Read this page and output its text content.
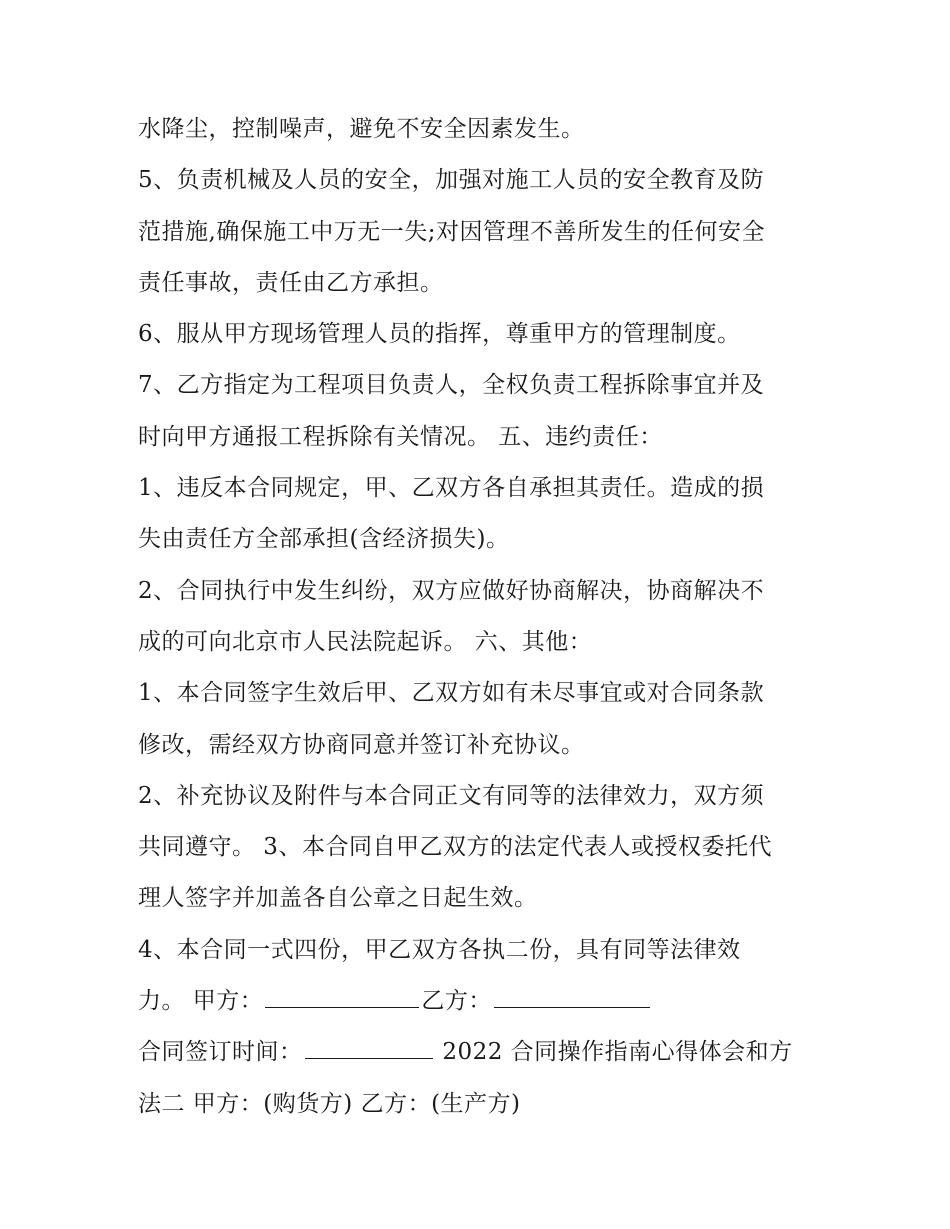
水降尘，控制噪声，避免不安全因素发生。
5、负责机械及人员的安全，加强对施工人员的安全教育及防
范措施,确保施工中万无一失;对因管理不善所发生的任何安全
责任事故，责任由乙方承担。
6、服从甲方现场管理人员的指挥，尊重甲方的管理制度。
7、乙方指定为工程项目负责人，全权负责工程拆除事宜并及
时向甲方通报工程拆除有关情况。 五、违约责任：
1、违反本合同规定，甲、乙双方各自承担其责任。造成的损
失由责任方全部承担(含经济损失)。
2、合同执行中发生纠纷，双方应做好协商解决，协商解决不
成的可向北京市人民法院起诉。 六、其他：
1、本合同签字生效后甲、乙双方如有未尽事宜或对合同条款
修改，需经双方协商同意并签订补充协议。
2、补充协议及附件与本合同正文有同等的法律效力，双方须
共同遵守。 3、本合同自甲乙双方的法定代表人或授权委托代
理人签字并加盖各自公章之日起生效。
4、本合同一式四份，甲乙双方各执二份，具有同等法律效
力。 甲方：	乙方：
合同签订时间：	2022 合同操作指南心得体会和方
法二 甲方：(购货方) 乙方：(生产方)
